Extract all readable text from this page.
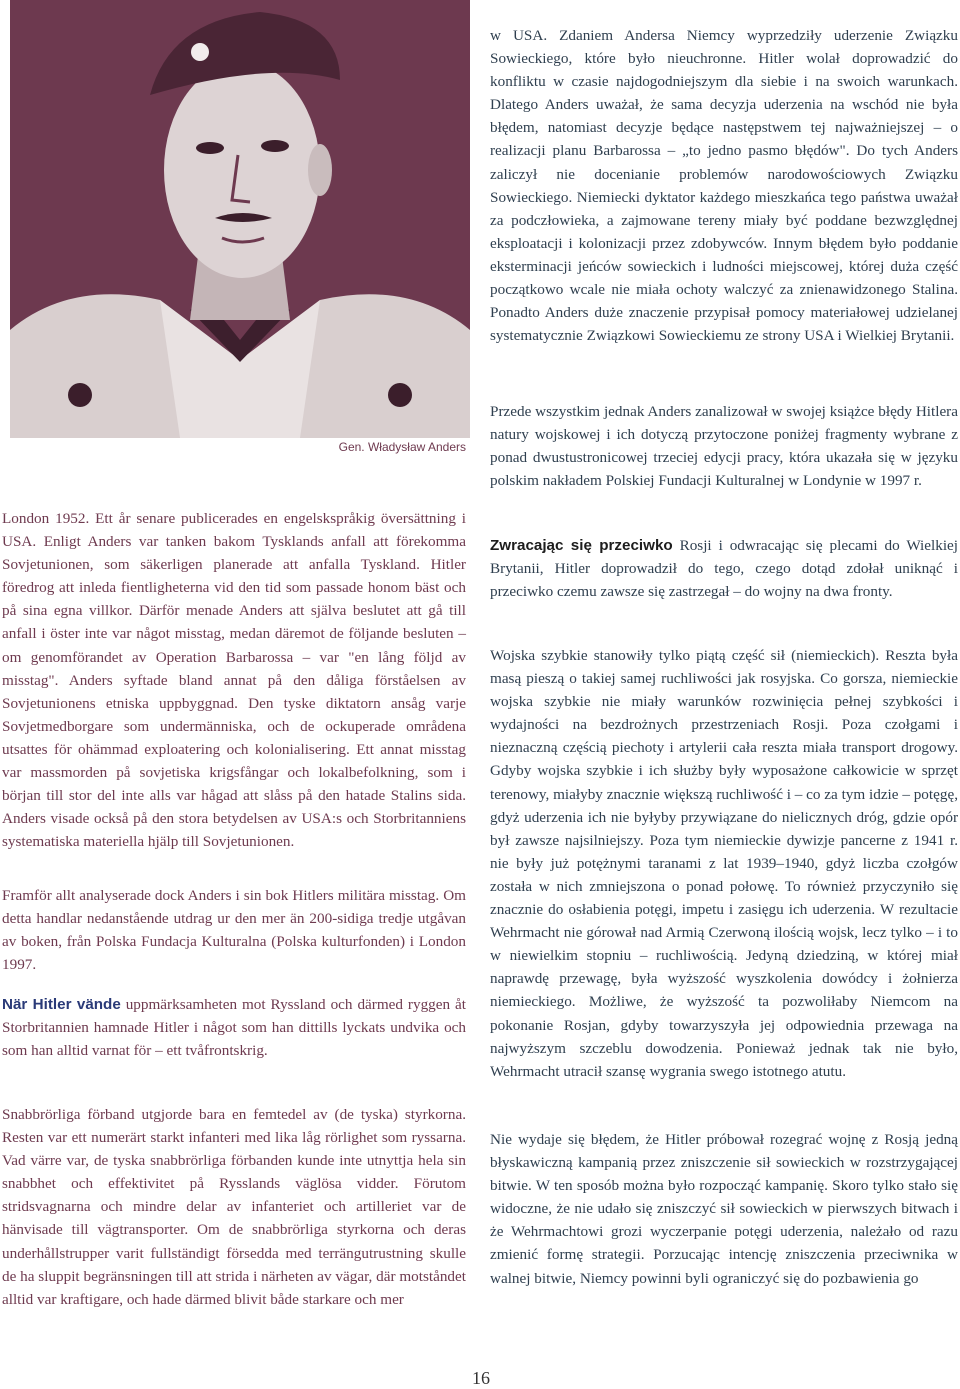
Gen. Władysław Anders

London 1952. Ett år senare publicerades en engelskspråkig översättning i USA. Enligt Anders var tanken bakom Tysklands anfall att förekomma Sovjetunionen, som säkerligen planerade att anfalla Tyskland. Hitler föredrog att inleda fientligheterna vid den tid som passade honom bäst och på sina egna villkor. Därför menade Anders att själva beslutet att gå till anfall i öster inte var något misstag, medan däremot de följande besluten – om genomförandet av Operation Barbarossa – var "en lång följd av misstag". Anders syftade bland annat på den dåliga förståelsen av Sovjetunionens etniska uppbyggnad. Den tyske diktatorn ansåg varje Sovjetmedborgare som undermänniska, och de ockuperade områdena utsattes för ohämmad exploatering och kolonialisering. Ett annat misstag var massmorden på sovjetiska krigsfångar och lokalbefolkning, som i början till stor del inte alls var hågad att slåss på den hatade Stalins sida. Anders visade också på den stora betydelsen av USA:s och Storbritanniens systematiska materiella hjälp till Sovjetunionen.

Framför allt analyserade dock Anders i sin bok Hitlers militära misstag. Om detta handlar nedanstående utdrag ur den mer än 200-sidiga tredje utgåvan av boken, från Polska Fundacja Kulturalna (Polska kulturfonden) i London 1997.

När Hitler vände uppmärksamheten mot Ryssland och därmed ryggen åt Storbritannien hamnade Hitler i något som han dittills lyckats undvika och som han alltid varnat för – ett tvåfrontskrig.

Snabbrörliga förband utgjorde bara en femtedel av (de tyska) styrkorna. Resten var ett numerärt starkt infanteri med lika låg rörlighet som ryssarna. Vad värre var, de tyska snabbrörliga förbanden kunde inte utnyttja hela sin snabbhet och effektivitet på Rysslands väglösa vidder. Förutom stridsvagnarna och mindre delar av infanteriet och artilleriet var de hänvisade till vägtransporter. Om de snabbrörliga styrkorna och deras underhållstrupper varit fullständigt försedda med terrängutrustning skulle de ha sluppit begränsningen till att strida i närheten av vägar, där motståndet alltid var kraftigare, och hade därmed blivit både starkare och mer

w USA. Zdaniem Andersa Niemcy wyprzedziły uderzenie Związku Sowieckiego, które było nieuchronne. Hitler wolał doprowadzić do konfliktu w czasie najdogodniejszym dla siebie i na swoich warunkach. Dlatego Anders uważał, że sama decyzja uderzenia na wschód nie była błędem, natomiast decyzje będące następstwem tej najważniejszej – o realizacji planu Barbarossa – „to jedno pasmo błędów". Do tych Anders zaliczył nie docenianie problemów narodowościowych Związku Sowieckiego. Niemiecki dyktator każdego mieszkańca tego państwa uważał za podczłowieka, a zajmowane tereny miały być poddane bezwzględnej eksploatacji i kolonizacji przez zdobywców. Innym błędem było poddanie eksterminacji jeńców sowieckich i ludności miejscowej, której duża część początkowo wcale nie miała ochoty walczyć za znienawidzonego Stalina. Ponadto Anders duże znaczenie przypisał pomocy materiałowej udzielanej systematycznie Związkowi Sowieckiemu ze strony USA i Wielkiej Brytanii.

Przede wszystkim jednak Anders zanalizował w swojej książce błędy Hitlera natury wojskowej i ich dotyczą przytoczone poniżej fragmenty wybrane z ponad dwustustronicowej trzeciej edycji pracy, która ukazała się w języku polskim nakładem Polskiej Fundacji Kulturalnej w Londynie w 1997 r.

Zwracając się przeciwko Rosji i odwracając się plecami do Wielkiej Brytanii, Hitler doprowadził do tego, czego dotąd zdołał uniknąć i przeciwko czemu zawsze się zastrzegał – do wojny na dwa fronty.

Wojska szybkie stanowiły tylko piątą część sił (niemieckich). Reszta była masą pieszą o takiej samej ruchliwości jak rosyjska. Co gorsza, niemieckie wojska szybkie nie miały warunków rozwinięcia pełnej szybkości i wydajności na bezdrożnych przestrzeniach Rosji. Poza czołgami i nieznaczną częścią piechoty i artylerii cała reszta miała transport drogowy. Gdyby wojska szybkie i ich służby były wyposażone całkowicie w sprzęt terenowy, miałyby znacznie większą ruchliwość i – co za tym idzie – potęgę, gdyż uderzenia ich nie byłyby przywiązane do nielicznych dróg, gdzie opór był zawsze najsilniejszy. Poza tym niemieckie dywizje pancerne z 1941 r. nie były już potężnymi taranami z lat 1939–1940, gdyż liczba czołgów została w nich zmniejszona o ponad połowę. To również przyczyniło się znacznie do osłabienia potęgi, impetu i zasięgu ich uderzenia. W rezultacie Wehrmacht nie górował nad Armią Czerwoną ilością wojsk, lecz tylko – i to w niewielkim stopniu – ruchliwością. Jedyną dziedziną, w której miał naprawdę przewagę, była wyższość wyszkolenia dowódcy i żołnierza niemieckiego. Możliwe, że wyższość ta pozwoliłaby Niemcom na pokonanie Rosjan, gdyby towarzyszyła jej odpowiednia przewaga na najwyższym szczeblu dowodzenia. Ponieważ jednak tak nie było, Wehrmacht utracił szansę wygrania swego istotnego atutu.

Nie wydaje się błędem, że Hitler próbował rozegrać wojnę z Rosją jedną błyskawiczną kampanią przez zniszczenie sił sowieckich w rozstrzygającej bitwie. W ten sposób można było rozpocząć kampanię. Skoro tylko stało się widoczne, że nie udało się zniszczyć sił sowieckich w pierwszych bitwach i że Wehrmachtowi grozi wyczerpanie potęgi uderzenia, należało od razu zmienić formę strategii. Porzucając intencję zniszczenia przeciwnika w walnej bitwie, Niemcy powinni byli ograniczyć się do pozbawienia go

16
